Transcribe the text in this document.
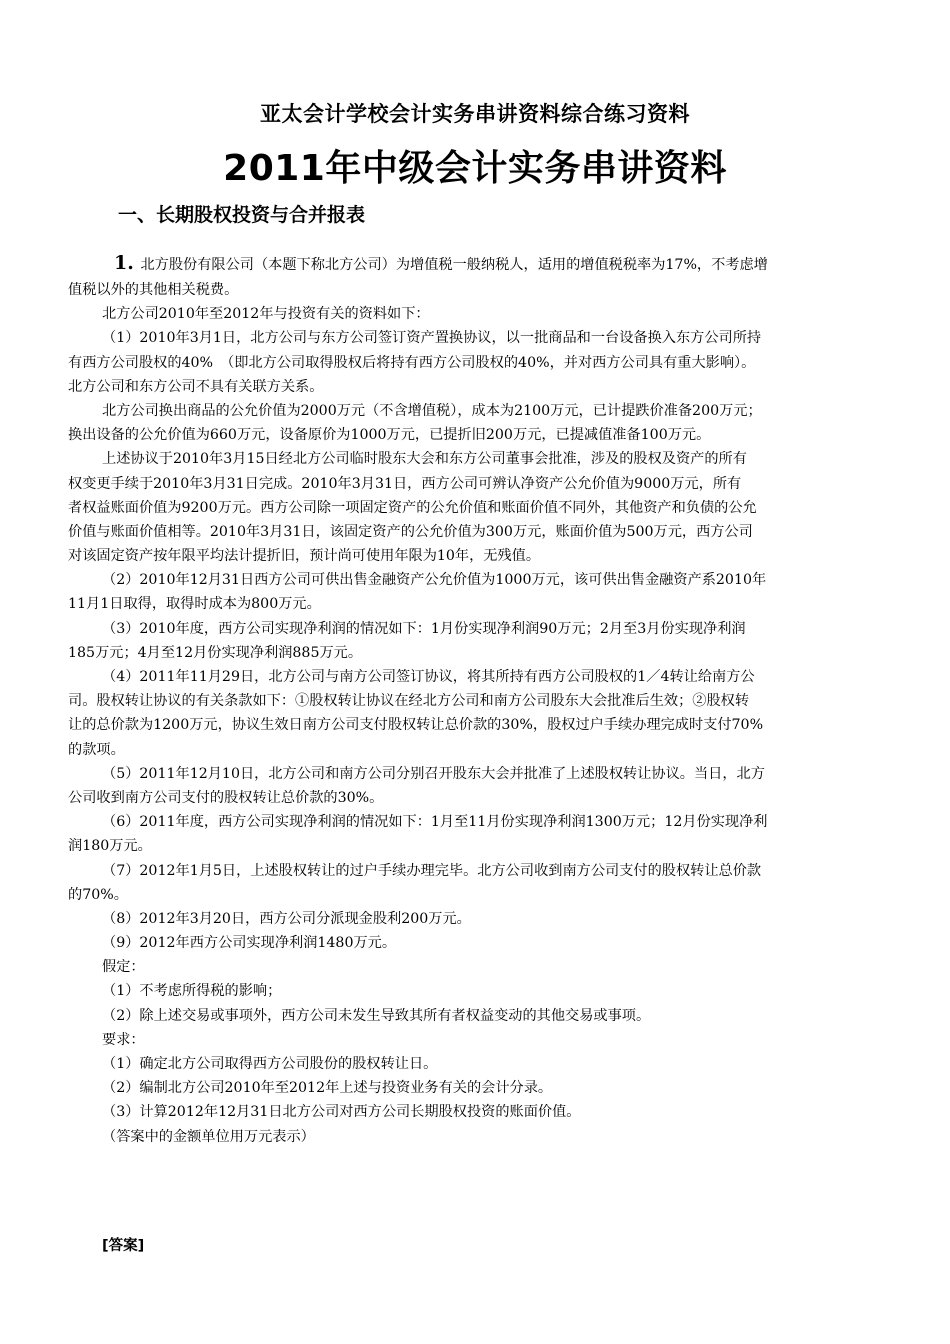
亚太会计学校会计实务串讲资料综合练习资料
2011年中级会计实务串讲资料
一、长期股权投资与合并报表
1. 北方股份有限公司（本题下称北方公司）为增值税一般纳税人，适用的增值税税率为17%，不考虑增
值税以外的其他相关税费。
北方公司2010年至2012年与投资有关的资料如下：
（1）2010年3月1日，北方公司与东方公司签订资产置换协议，以一批商品和一台设备换入东方公司所持
有西方公司股权的40%　（即北方公司取得股权后将持有西方公司股权的40%，并对西方公司具有重大影响）。
北方公司和东方公司不具有关联方关系。
北方公司换出商品的公允价值为2000万元（不含增值税），成本为2100万元，已计提跌价准备200万元；
换出设备的公允价值为660万元，设备原价为1000万元，已提折旧200万元，已提减值准备100万元。
上述协议于2010年3月15日经北方公司临时股东大会和东方公司董事会批准，涉及的股权及资产的所有
权变更手续于2010年3月31日完成。2010年3月31日，西方公司可辨认净资产公允价值为9000万元，所有
者权益账面价值为9200万元。西方公司除一项固定资产的公允价值和账面价值不同外，其他资产和负债的公允
价值与账面价值相等。2010年3月31日，该固定资产的公允价值为300万元，账面价值为500万元，西方公司
对该固定资产按年限平均法计提折旧，预计尚可使用年限为10年，无残值。
（2）2010年12月31日西方公司可供出售金融资产公允价值为1000万元，该可供出售金融资产系2010年
11月1日取得，取得时成本为800万元。
（3）2010年度，西方公司实现净利润的情况如下：1月份实现净利润90万元；2月至3月份实现净利润
185万元；4月至12月份实现净利润885万元。
（4）2011年11月29日，北方公司与南方公司签订协议，将其所持有西方公司股权的1／4转让给南方公
司。股权转让协议的有关条款如下：①股权转让协议在经北方公司和南方公司股东大会批准后生效；②股权转
让的总价款为1200万元，协议生效日南方公司支付股权转让总价款的30%，股权过户手续办理完成时支付70%
的款项。
（5）2011年12月10日，北方公司和南方公司分别召开股东大会并批准了上述股权转让协议。当日，北方
公司收到南方公司支付的股权转让总价款的30%。
（6）2011年度，西方公司实现净利润的情况如下：1月至11月份实现净利润1300万元；12月份实现净利
润180万元。
（7）2012年1月5日，上述股权转让的过户手续办理完毕。北方公司收到南方公司支付的股权转让总价款
的70%。
（8）2012年3月20日，西方公司分派现金股利200万元。
（9）2012年西方公司实现净利润1480万元。
假定：
（1）不考虑所得税的影响；
（2）除上述交易或事项外，西方公司未发生导致其所有者权益变动的其他交易或事项。
要求：
（1）确定北方公司取得西方公司股份的股权转让日。
（2）编制北方公司2010年至2012年上述与投资业务有关的会计分录。
（3）计算2012年12月31日北方公司对西方公司长期股权投资的账面价值。
（答案中的金额单位用万元表示）
[答案]
